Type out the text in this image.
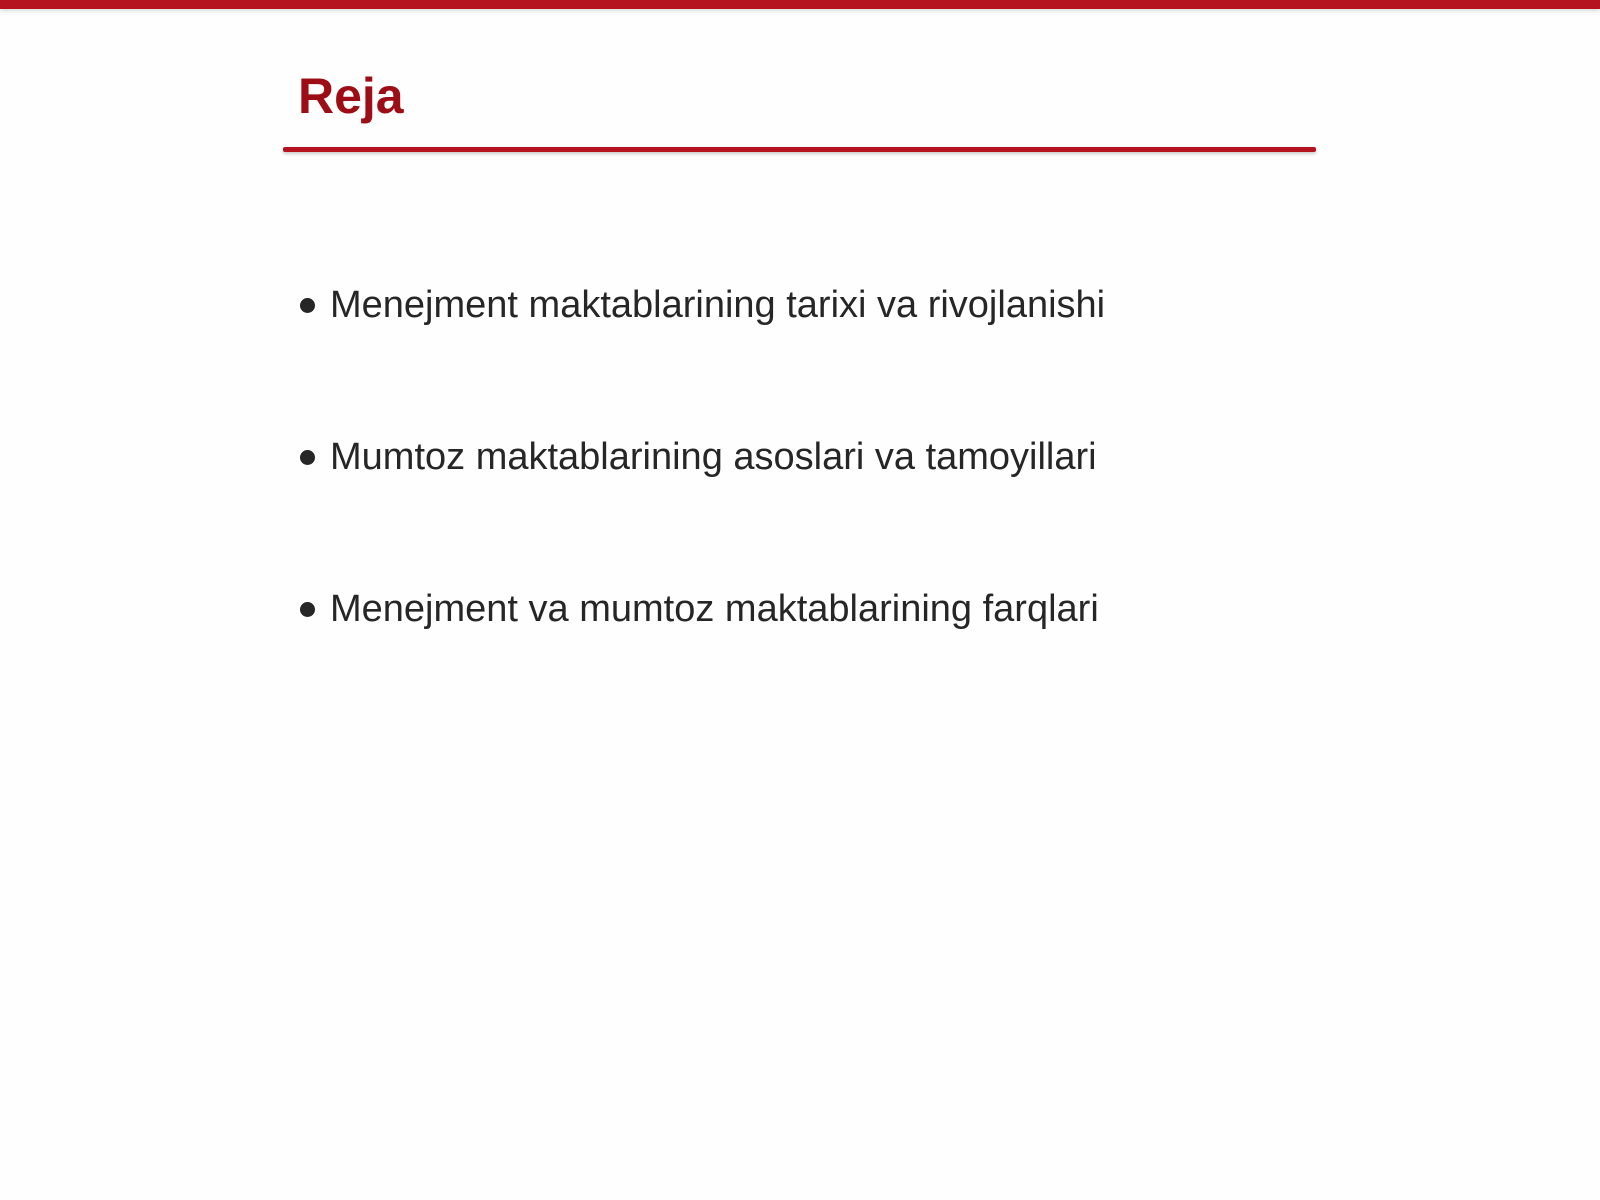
Reja
Menejment maktablarining tarixi va rivojlanishi
Mumtoz maktablarining asoslari va tamoyillari
Menejment va mumtoz maktablarining farqlari
